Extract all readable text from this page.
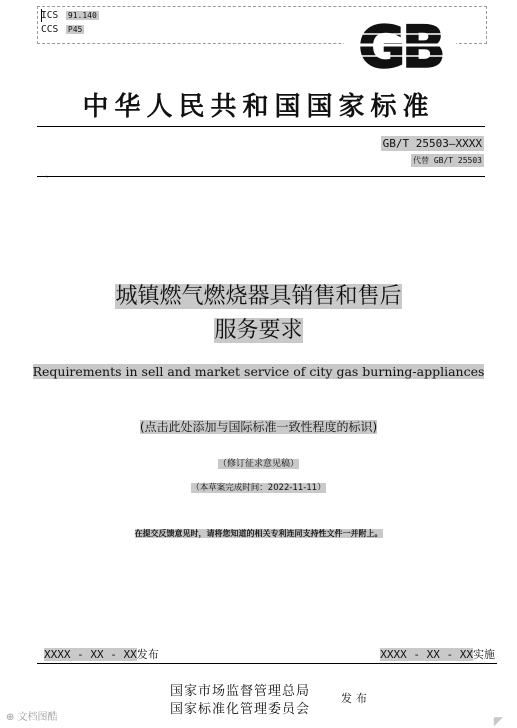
ICS 91.140
CCS P45	GB
中华人民共和国国家标准
GB/T 25503—XXXX
代替 GB/T 25503
`
城镇燃气燃烧器具销售和售后
服务要求
Requirements in sell and market service of city gas burning-appliances
(点击此处添加与国际标准一致性程度的标识)
（修订征求意见稿）
（本草案完成时间：2022-11-11）
在提交反馈意见时，请将您知道的相关专利连同支持性文件一并附上。
XXXX - XX - XX发布	XXXX - XX - XX实施
国家市场监督管理总局
国家标准化管理委员会
发布
⊕ 文档图酷	◤
